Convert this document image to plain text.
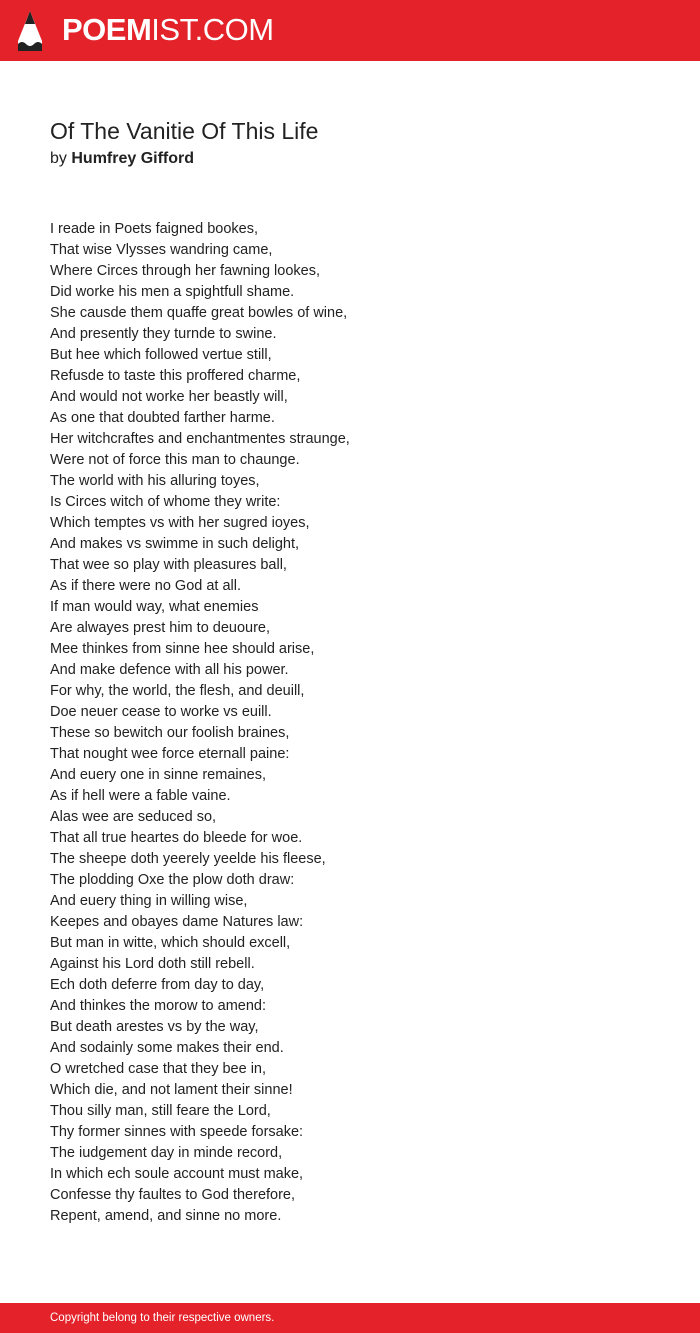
POEMIST.COM
Of The Vanitie Of This Life
by Humfrey Gifford
I reade in Poets faigned bookes,
That wise Vlysses wandring came,
Where Circes through her fawning lookes,
Did worke his men a spightfull shame.
She causde them quaffe great bowles of wine,
And presently they turnde to swine.
But hee which followed vertue still,
Refusde to taste this proffered charme,
And would not worke her beastly will,
As one that doubted farther harme.
Her witchcraftes and enchantmentes straunge,
Were not of force this man to chaunge.
The world with his alluring toyes,
Is Circes witch of whome they write:
Which temptes vs with her sugred ioyes,
And makes vs swimme in such delight,
That wee so play with pleasures ball,
As if there were no God at all.
If man would way, what enemies
Are alwayes prest him to deuoure,
Mee thinkes from sinne hee should arise,
And make defence with all his power.
For why, the world, the flesh, and deuill,
Doe neuer cease to worke vs euill.
These so bewitch our foolish braines,
That nought wee force eternall paine:
And euery one in sinne remaines,
As if hell were a fable vaine.
Alas wee are seduced so,
That all true heartes do bleede for woe.
The sheepe doth yeerely yeelde his fleese,
The plodding Oxe the plow doth draw:
And euery thing in willing wise,
Keepes and obayes dame Natures law:
But man in witte, which should excell,
Against his Lord doth still rebell.
Ech doth deferre from day to day,
And thinkes the morow to amend:
But death arestes vs by the way,
And sodainly some makes their end.
O wretched case that they bee in,
Which die, and not lament their sinne!
Thou silly man, still feare the Lord,
Thy former sinnes with speede forsake:
The iudgement day in minde record,
In which ech soule account must make,
Confesse thy faultes to God therefore,
Repent, amend, and sinne no more.
Copyright belong to their respective owners.
